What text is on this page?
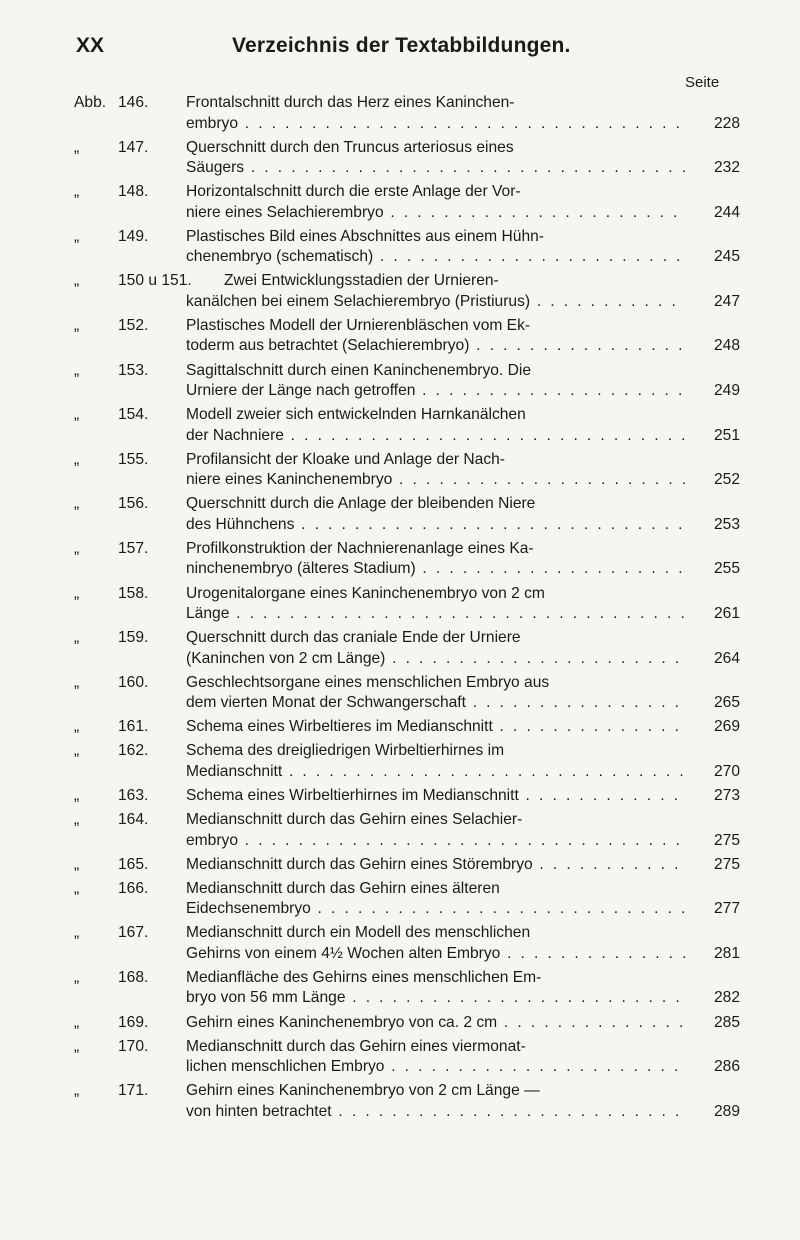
XX	Verzeichnis der Textabbildungen.
Seite
Abb. 146. Frontalschnitt durch das Herz eines Kaninchen-
embryo . . .	228
„	147. Querschnitt durch den Truncus arteriosus eines
Säugers . . .	232
„	148. Horizontalschnitt durch die erste Anlage der Vor-
niere eines Selachierembryo . . .	244
„	149. Plastisches Bild eines Abschnittes aus einem Hühn-
chenembryo (schematisch) . . .	245
„	150 u 151. Zwei Entwicklungsstadien der Urnieren-
kanälchen bei einem Selachierembryo (Pristiurus) . . .	247
„	152. Plastisches Modell der Urnierenbläschen vom Ek-
toderm aus betrachtet (Selachierembryo) . . .	248
„	153. Sagittalschnitt durch einen Kaninchenembryo. Die
Urniere der Länge nach getroffen . . .	249
„	154. Modell zweier sich entwickelnden Harnkanälchen
der Nachniere . . .	251
„	155. Profilansicht der Kloake und Anlage der Nach-
niere eines Kaninchenembryo . . .	252
„	156. Querschnitt durch die Anlage der bleibenden Niere
des Hühnchens . . .	253
„	157. Profilkonstruktion der Nachnierenanlage eines Ka-
ninchenembryo (älteres Stadium) . . .	255
„	158. Urogenitalorgane eines Kaninchenembryo von 2 cm
Länge . . .	261
„	159. Querschnitt durch das craniale Ende der Urniere
(Kaninchen von 2 cm Länge) . . .	264
„	160. Geschlechtsorgane eines menschlichen Embryo aus
dem vierten Monat der Schwangerschaft . . .	265
„	161. Schema eines Wirbeltieres im Medianschnitt . . .	269
„	162. Schema des dreigliedrigen Wirbeltierhirnes im
Medianschnitt . . .	270
„	163. Schema eines Wirbeltierhirnes im Medianschnitt . . .	273
„	164. Medianschnitt durch das Gehirn eines Selachier-
embryo . . .	275
„	165. Medianschnitt durch das Gehirn eines Störembryo . . .	275
„	166. Medianschnitt durch das Gehirn eines älteren
Eidechsenembryo . . .	277
„	167. Medianschnitt durch ein Modell des menschlichen
Gehirns von einem 4½ Wochen alten Embryo . . .	281
„	168. Medianfläche des Gehirns eines menschlichen Em-
bryo von 56 mm Länge . . .	282
„	169. Gehirn eines Kaninchenembryo von ca. 2 cm . . .	285
„	170. Medianschnitt durch das Gehirn eines viermonat-
lichen menschlichen Embryo . . .	286
„	171. Gehirn eines Kaninchenembryo von 2 cm Länge —
von hinten betrachtet . . .	289
